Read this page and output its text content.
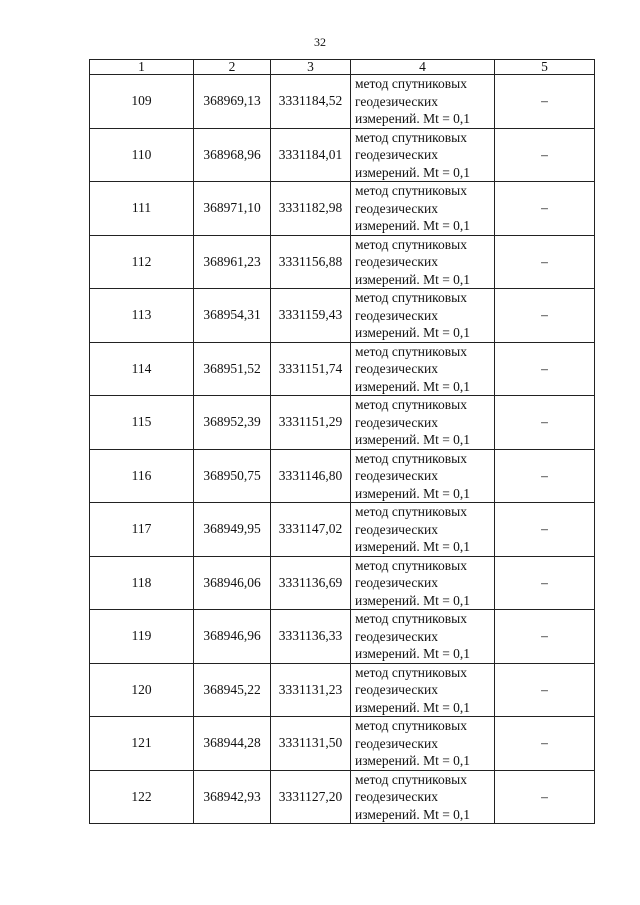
32
1	2	3	4	5
109	368969,13	3331184,52	метод спутниковых
геодезических
измерений. Mt = 0,1	–
110	368968,96	3331184,01	метод спутниковых
геодезических
измерений. Mt = 0,1	–
111	368971,10	3331182,98	метод спутниковых
геодезических
измерений. Mt = 0,1	–
112	368961,23	3331156,88	метод спутниковых
геодезических
измерений. Mt = 0,1	–
113	368954,31	3331159,43	метод спутниковых
геодезических
измерений. Mt = 0,1	–
114	368951,52	3331151,74	метод спутниковых
геодезических
измерений. Mt = 0,1	–
115	368952,39	3331151,29	метод спутниковых
геодезических
измерений. Mt = 0,1	–
116	368950,75	3331146,80	метод спутниковых
геодезических
измерений. Mt = 0,1	–
117	368949,95	3331147,02	метод спутниковых
геодезических
измерений. Mt = 0,1	–
118	368946,06	3331136,69	метод спутниковых
геодезических
измерений. Mt = 0,1	–
119	368946,96	3331136,33	метод спутниковых
геодезических
измерений. Mt = 0,1	–
120	368945,22	3331131,23	метод спутниковых
геодезических
измерений. Mt = 0,1	–
121	368944,28	3331131,50	метод спутниковых
геодезических
измерений. Mt = 0,1	–
122	368942,93	3331127,20	метод спутниковых
геодезических
измерений. Mt = 0,1	–
